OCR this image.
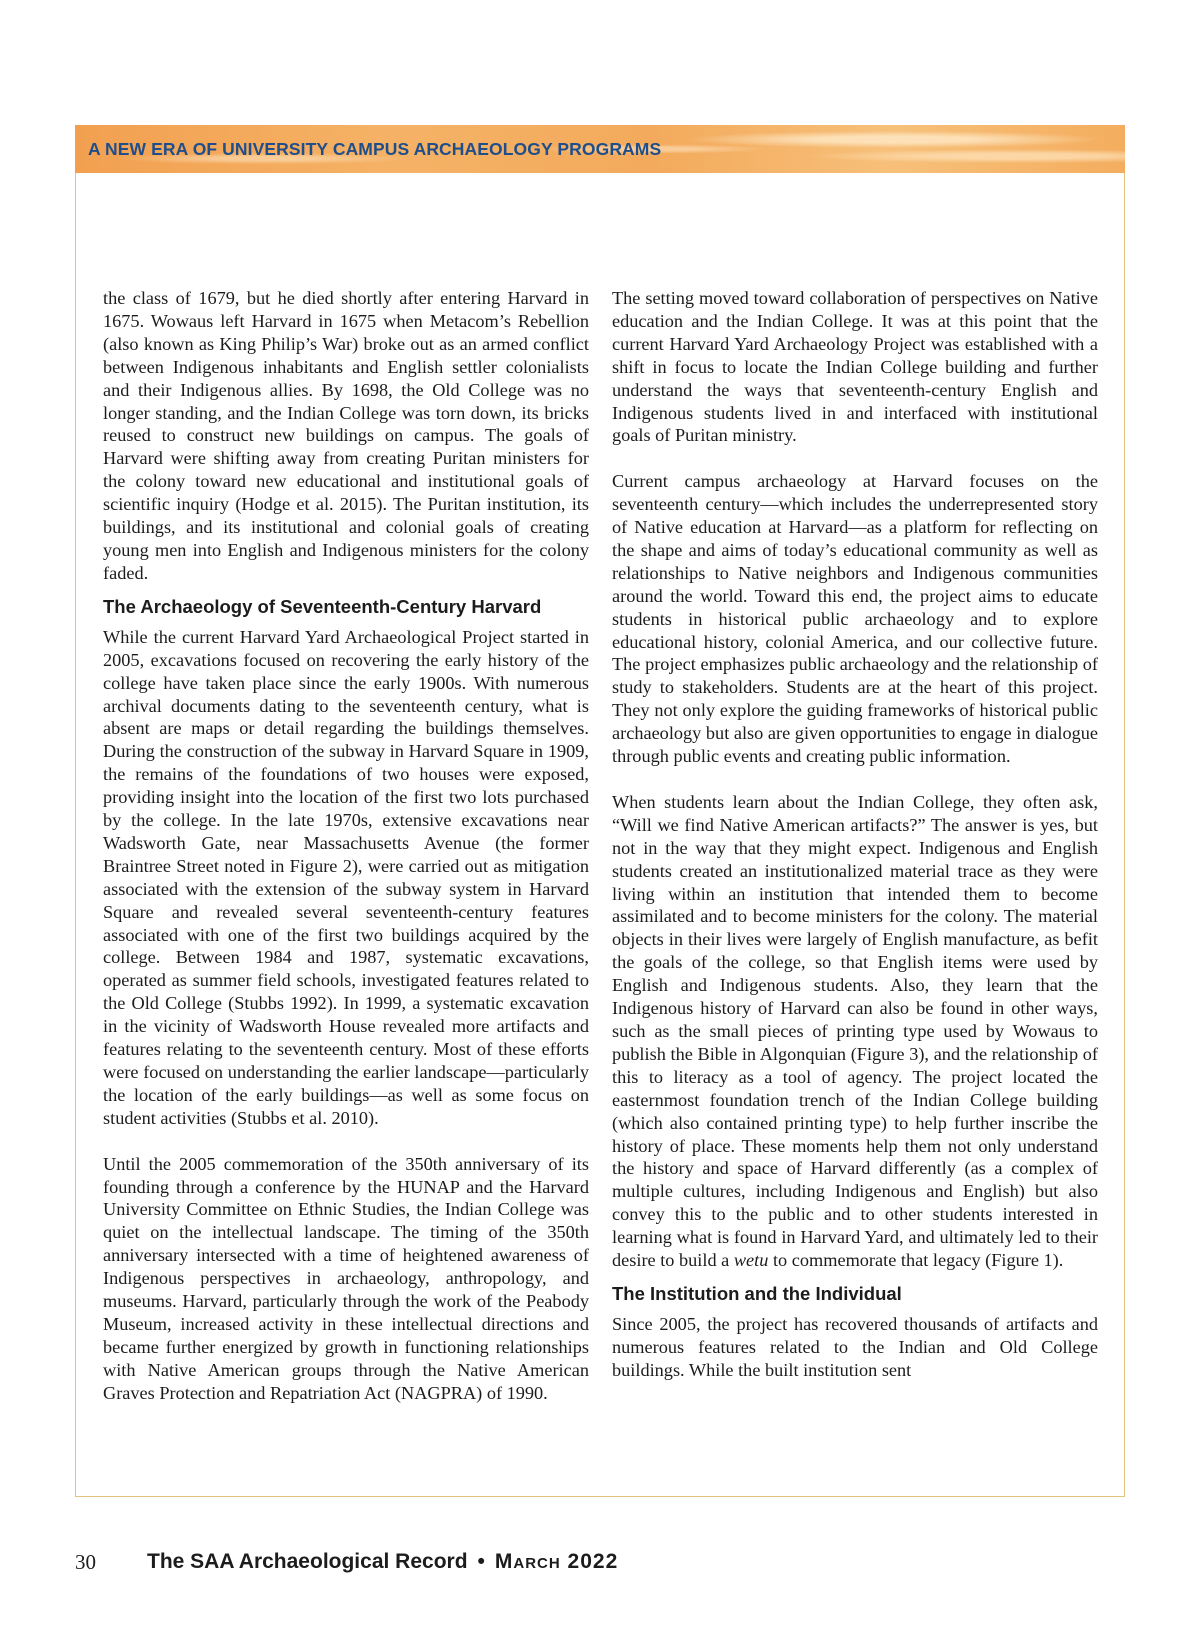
A NEW ERA OF UNIVERSITY CAMPUS ARCHAEOLOGY PROGRAMS

the class of 1679, but he died shortly after entering Harvard in 1675. Wowaus left Harvard in 1675 when Metacom’s Rebellion (also known as King Philip’s War) broke out as an armed conflict between Indigenous inhabitants and English settler colonialists and their Indigenous allies. By 1698, the Old College was no longer standing, and the Indian College was torn down, its bricks reused to construct new buildings on campus. The goals of Harvard were shifting away from creating Puritan ministers for the colony toward new educational and institutional goals of scientific inquiry (Hodge et al. 2015). The Puritan institution, its buildings, and its institutional and colonial goals of creating young men into English and Indigenous ministers for the colony faded.

The Archaeology of Seventeenth-Century Harvard

While the current Harvard Yard Archaeological Project started in 2005, excavations focused on recovering the early history of the college have taken place since the early 1900s. With numerous archival documents dating to the seventeenth century, what is absent are maps or detail regarding the buildings themselves. During the construction of the subway in Harvard Square in 1909, the remains of the foundations of two houses were exposed, providing insight into the location of the first two lots purchased by the college. In the late 1970s, extensive excavations near Wadsworth Gate, near Massachusetts Avenue (the former Braintree Street noted in Figure 2), were carried out as mitigation associated with the extension of the subway system in Harvard Square and revealed several seventeenth-century features associated with one of the first two buildings acquired by the college. Between 1984 and 1987, systematic excavations, operated as summer field schools, investigated features related to the Old College (Stubbs 1992). In 1999, a systematic excavation in the vicinity of Wadsworth House revealed more artifacts and features relating to the seventeenth century. Most of these efforts were focused on understanding the earlier landscape—particularly the location of the early buildings—as well as some focus on student activities (Stubbs et al. 2010).

Until the 2005 commemoration of the 350th anniversary of its founding through a conference by the HUNAP and the Harvard University Committee on Ethnic Studies, the Indian College was quiet on the intellectual landscape. The timing of the 350th anniversary intersected with a time of heightened awareness of Indigenous perspectives in archaeology, anthropology, and museums. Harvard, particularly through the work of the Peabody Museum, increased activity in these intellectual directions and became further energized by growth in functioning relationships with Native American groups through the Native American Graves Protection and Repatriation Act (NAGPRA) of 1990.

The setting moved toward collaboration of perspectives on Native education and the Indian College. It was at this point that the current Harvard Yard Archaeology Project was established with a shift in focus to locate the Indian College building and further understand the ways that seventeenth-century English and Indigenous students lived in and interfaced with institutional goals of Puritan ministry.

Current campus archaeology at Harvard focuses on the seventeenth century—which includes the underrepresented story of Native education at Harvard—as a platform for reflecting on the shape and aims of today’s educational community as well as relationships to Native neighbors and Indigenous communities around the world. Toward this end, the project aims to educate students in historical public archaeology and to explore educational history, colonial America, and our collective future. The project emphasizes public archaeology and the relationship of study to stakeholders. Students are at the heart of this project. They not only explore the guiding frameworks of historical public archaeology but also are given opportunities to engage in dialogue through public events and creating public information.

When students learn about the Indian College, they often ask, “Will we find Native American artifacts?” The answer is yes, but not in the way that they might expect. Indigenous and English students created an institutionalized material trace as they were living within an institution that intended them to become assimilated and to become ministers for the colony. The material objects in their lives were largely of English manufacture, as befit the goals of the college, so that English items were used by English and Indigenous students. Also, they learn that the Indigenous history of Harvard can also be found in other ways, such as the small pieces of printing type used by Wowaus to publish the Bible in Algonquian (Figure 3), and the relationship of this to literacy as a tool of agency. The project located the easternmost foundation trench of the Indian College building (which also contained printing type) to help further inscribe the history of place. These moments help them not only understand the history and space of Harvard differently (as a complex of multiple cultures, including Indigenous and English) but also convey this to the public and to other students interested in learning what is found in Harvard Yard, and ultimately led to their desire to build a wetu to commemorate that legacy (Figure 1).

The Institution and the Individual

Since 2005, the project has recovered thousands of artifacts and numerous features related to the Indian and Old College buildings. While the built institution sent

30 The SAA Archaeological Record • March 2022
